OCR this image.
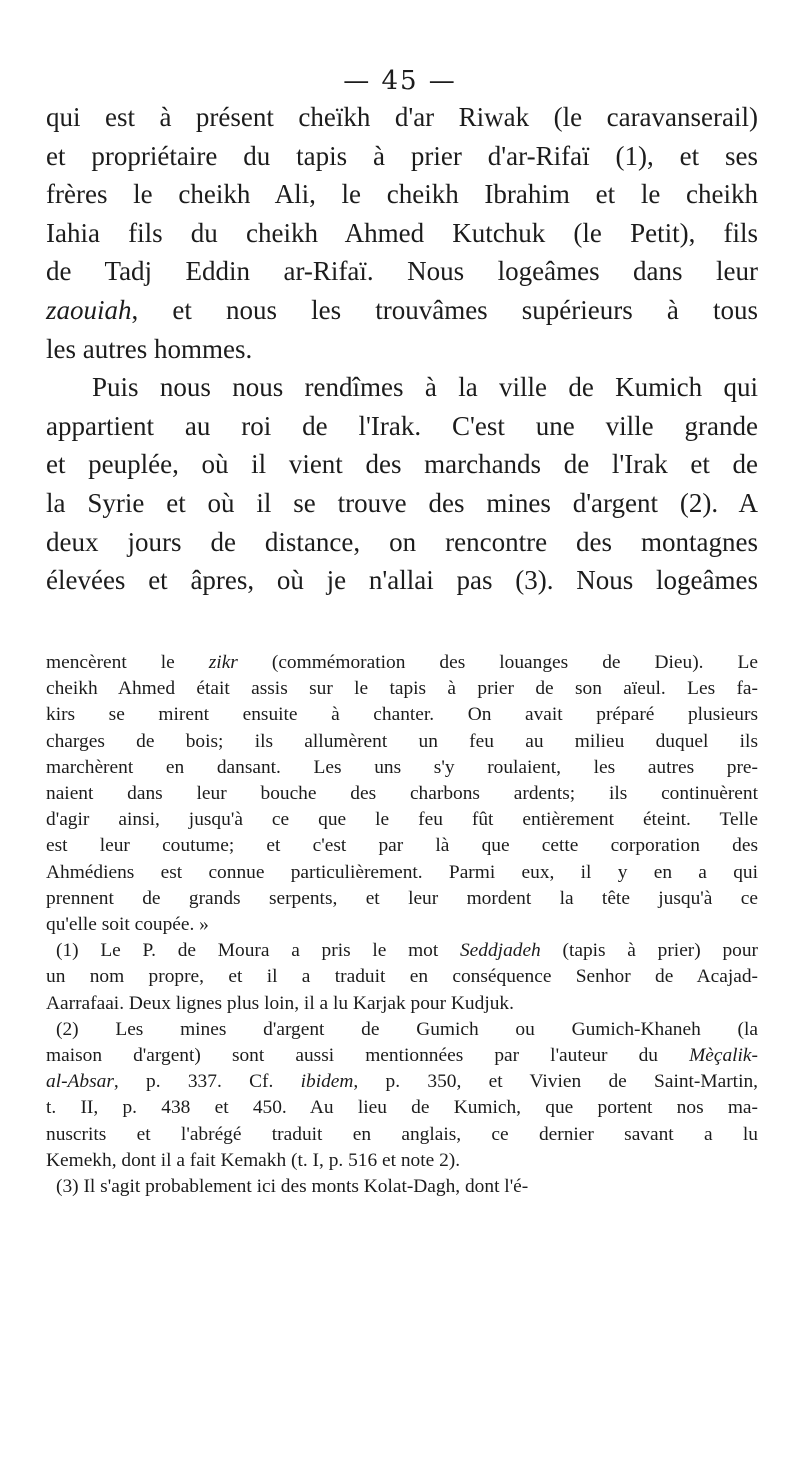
— 45 —
qui est à présent cheïkh d'ar Riwak (le caravanserail)
et propriétaire du tapis à prier d'ar-Rifaï (1), et ses
frères le cheikh Ali, le cheikh Ibrahim et le cheikh
Iahia fils du cheikh Ahmed Kutchuk (le Petit), fils
de Tadj Eddin ar-Rifaï. Nous logeâmes dans leur
zaouiah, et nous les trouvâmes supérieurs à tous
les autres hommes.
Puis nous nous rendîmes à la ville de Kumich qui
appartient au roi de l'Irak. C'est une ville grande
et peuplée, où il vient des marchands de l'Irak et de
la Syrie et où il se trouve des mines d'argent (2). A
deux jours de distance, on rencontre des montagnes
élevées et âpres, où je n'allai pas (3). Nous logeâmes
mencèrent le zikr (commémoration des louanges de Dieu). Le
cheikh Ahmed était assis sur le tapis à prier de son aïeul. Les fa-
kirs se mirent ensuite à chanter. On avait préparé plusieurs
charges de bois; ils allumèrent un feu au milieu duquel ils
marchèrent en dansant. Les uns s'y roulaient, les autres pre-
naient dans leur bouche des charbons ardents; ils continuèrent
d'agir ainsi, jusqu'à ce que le feu fût entièrement éteint. Telle
est leur coutume; et c'est par là que cette corporation des
Ahmédiens est connue particulièrement. Parmi eux, il y en a qui
prennent de grands serpents, et leur mordent la tête jusqu'à ce
qu'elle soit coupée. »
(1) Le P. de Moura a pris le mot Seddjadeh (tapis à prier) pour
un nom propre, et il a traduit en conséquence Senhor de Acajad-
Aarrafaai. Deux lignes plus loin, il a lu Karjak pour Kudjuk.
(2) Les mines d'argent de Gumich ou Gumich-Khaneh (la
maison d'argent) sont aussi mentionnées par l'auteur du Mèçalik-
al-Absar, p. 337. Cf. ibidem, p. 350, et Vivien de Saint-Martin,
t. II, p. 438 et 450. Au lieu de Kumich, que portent nos ma-
nuscrits et l'abrégé traduit en anglais, ce dernier savant a lu
Kemekh, dont il a fait Kemakh (t. I, p. 516 et note 2).
(3) Il s'agit probablement ici des monts Kolat-Dagh, dont l'é-
